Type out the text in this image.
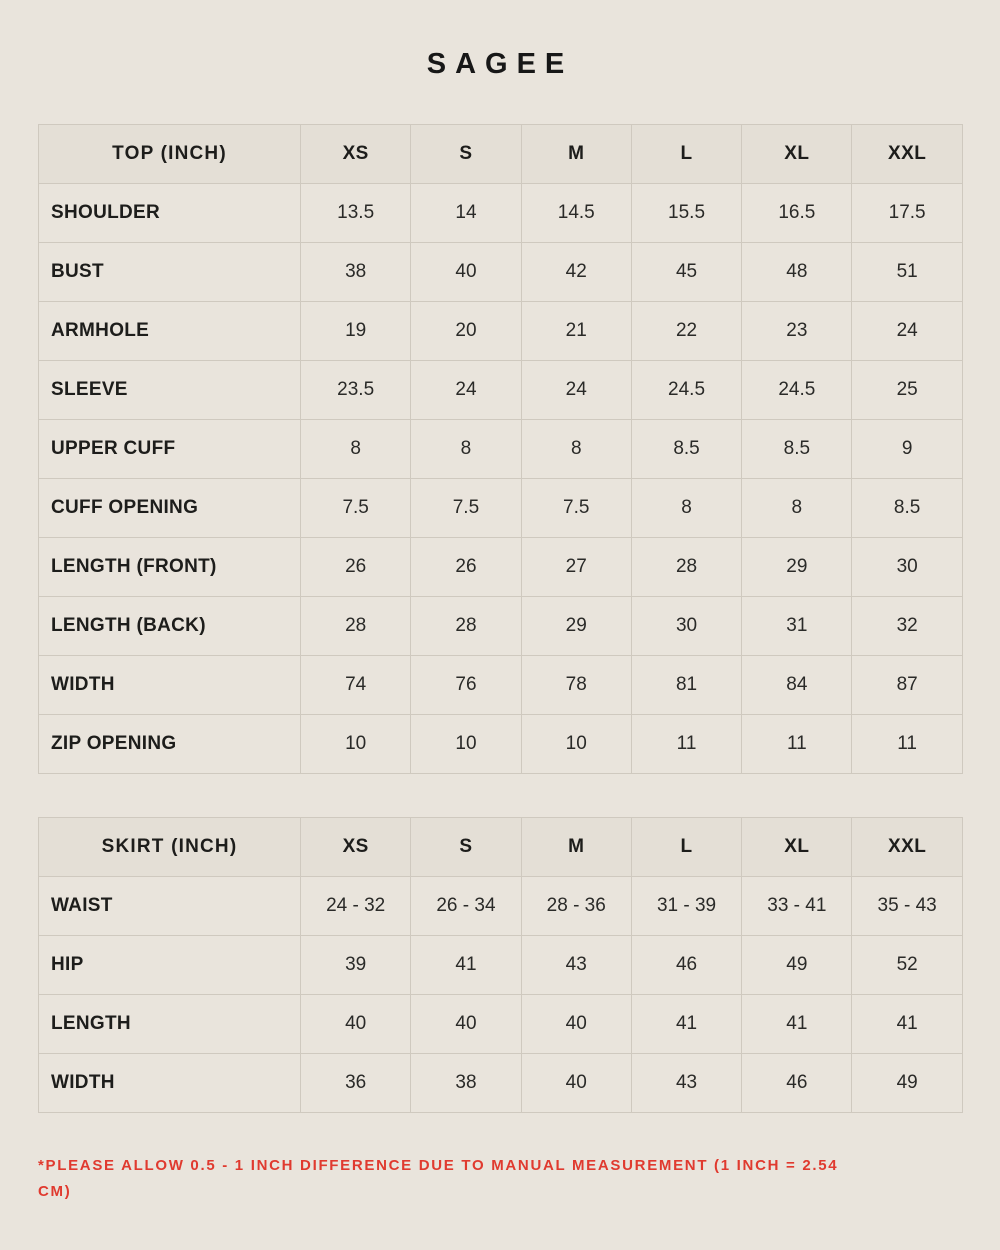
SAGEE
TOP (INCH)	XS	S	M	L	XL	XXL
SHOULDER	13.5	14	14.5	15.5	16.5	17.5
BUST	38	40	42	45	48	51
ARMHOLE	19	20	21	22	23	24
SLEEVE	23.5	24	24	24.5	24.5	25
UPPER CUFF	8	8	8	8.5	8.5	9
CUFF OPENING	7.5	7.5	7.5	8	8	8.5
LENGTH (FRONT)	26	26	27	28	29	30
LENGTH (BACK)	28	28	29	30	31	32
WIDTH	74	76	78	81	84	87
ZIP OPENING	10	10	10	11	11	11
SKIRT (INCH)	XS	S	M	L	XL	XXL
WAIST	24 - 32	26 - 34	28 - 36	31 - 39	33 - 41	35 - 43
HIP	39	41	43	46	49	52
LENGTH	40	40	40	41	41	41
WIDTH	36	38	40	43	46	49
*PLEASE ALLOW 0.5 - 1 INCH DIFFERENCE DUE TO MANUAL MEASUREMENT (1 INCH = 2.54 CM)
